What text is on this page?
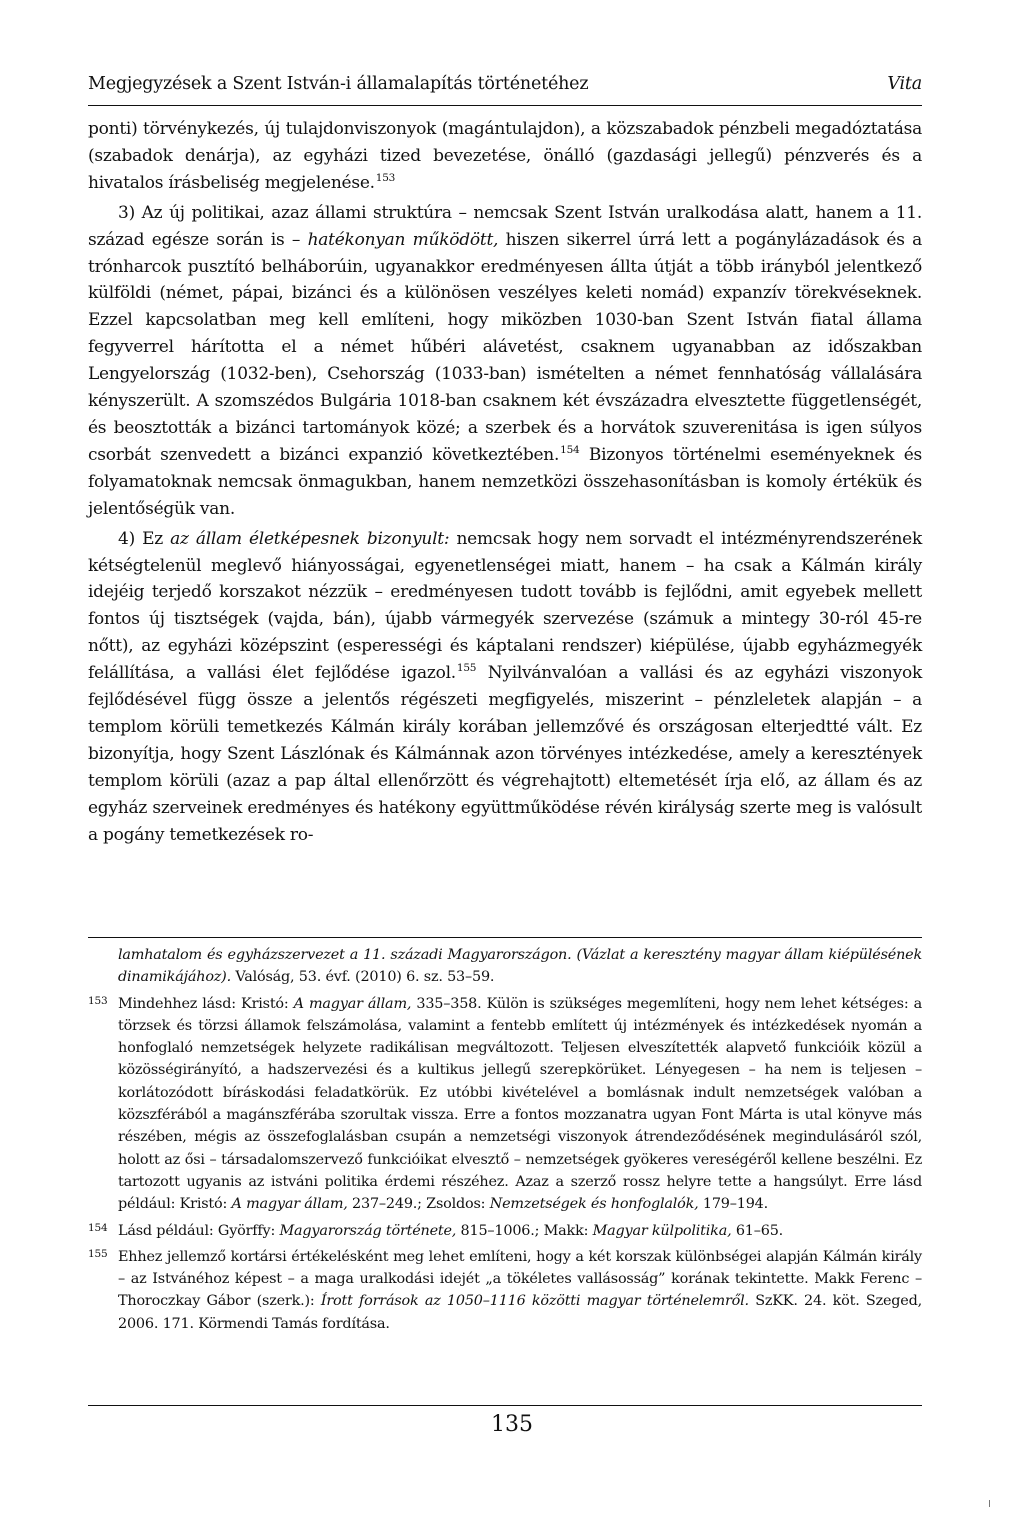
Megjegyzések a Szent István-i államalapítás történetéhez	Vita

ponti) törvénykezés, új tulajdonviszonyok (magántulajdon), a közszabadok pénzbeli megadóztatása (szabadok denárja), az egyházi tized bevezetése, önálló (gazdasági jellegű) pénzverés és a hivatalos írásbeliség megjelenése.$^{153}$

3) Az új politikai, azaz állami struktúra – nemcsak Szent István uralkodása alatt, hanem a 11. század egésze során is – hatékonyan működött, hiszen sikerrel úrrá lett a pogánylázadások és a trónharcok pusztító belháborúin, ugyanakkor eredményesen állta útját a több irányból jelentkező külföldi (német, pápai, bizánci és a különösen veszélyes keleti nomád) expanzív törekvéseknek. Ezzel kapcsolatban meg kell említeni, hogy miközben 1030-ban Szent István fiatal állama fegyverrel hárította el a német hűbéri alávetést, csaknem ugyanabban az időszakban Lengyelország (1032-ben), Csehország (1033-ban) ismételten a német fennhatóság vállalására kényszerült. A szomszédos Bulgária 1018-ban csaknem két évszázadra elvesztette függetlenségét, és beosztották a bizánci tartományok közé; a szerbek és a horvátok szuverenitása is igen súlyos csorbát szenvedett a bizánci expanzió következtében.$^{154}$ Bizonyos történelmi eseményeknek és folyamatoknak nemcsak önmagukban, hanem nemzetközi összehasonításban is komoly értékük és jelentőségük van.

4) Ez az állam életképesnek bizonyult: nemcsak hogy nem sorvadt el intézményrendszerének kétségtelenül meglevő hiányosságai, egyenetlenségei miatt, hanem – ha csak a Kálmán király idejéig terjedő korszakot nézzük – eredményesen tudott tovább is fejlődni, amit egyebek mellett fontos új tisztségek (vajda, bán), újabb vármegyék szervezése (számuk a mintegy 30-ról 45-re nőtt), az egyházi középszint (esperességi és káptalani rendszer) kiépülése, újabb egyházmegyék felállítása, a vallási élet fejlődése igazol.$^{155}$ Nyilvánvalóan a vallási és az egyházi viszonyok fejlődésével függ össze a jelentős régészeti megfigyelés, miszerint – pénzleletek alapján – a templom körüli temetkezés Kálmán király korában jellemzővé és országosan elterjedtté vált. Ez bizonyítja, hogy Szent Lászlónak és Kálmánnak azon törvényes intézkedése, amely a keresztények templom körüli (azaz a pap által ellenőrzött és végrehajtott) eltemetését írja elő, az állam és az egyház szerveinek eredményes és hatékony együttműködése révén királyság szerte meg is valósult a pogány temetkezések ro-

lamhatalom és egyházszervezet a 11. századi Magyarországon. (Vázlat a keresztény magyar állam kiépülésének dinamikájához). Valóság, 53. évf. (2010) 6. sz. 53–59.

153 Mindehhez lásd: Kristó: A magyar állam, 335–358. Külön is szükséges megemlíteni, hogy nem lehet kétséges: a törzsek és törzsi államok felszámolása, valamint a fentebb említett új intézmények és intézkedések nyomán a honfoglaló nemzetségek helyzete radikálisan megváltozott. Teljesen elveszítették alapvető funkcióik közül a közösségirányító, a hadszervezési és a kultikus jellegű szerepkörüket. Lényegesen – ha nem is teljesen – korlátozódott bíráskodási feladatkörük. Ez utóbbi kivételével a bomlásnak indult nemzetségek valóban a közszférából a magánszférába szorultak vissza. Erre a fontos mozzanatra ugyan Font Márta is utal könyve más részében, mégis az összefoglalásban csupán a nemzetségi viszonyok átrendeződésének megindulásáról szól, holott az ősi – társadalomszervező funkcióikat elvesztő – nemzetségek gyökeres vereségéről kellene beszélni. Ez tartozott ugyanis az istváni politika érdemi részéhez. Azaz a szerző rossz helyre tette a hangsúlyt. Erre lásd például: Kristó: A magyar állam, 237–249.; Zsoldos: Nemzetségek és honfoglalók, 179–194.

154 Lásd például: Györffy: Magyarország története, 815–1006.; Makk: Magyar külpolitika, 61–65.

155 Ehhez jellemző kortársi értékelésként meg lehet említeni, hogy a két korszak különbségei alapján Kálmán király – az Istvánéhoz képest – a maga uralkodási idejét „a tökéletes vallásosság” korának tekintette. Makk Ferenc – Thoroczkay Gábor (szerk.): Írott források az 1050–1116 közötti magyar történelemről. SzKK. 24. köt. Szeged, 2006. 171. Körmendi Tamás fordítása.

135
